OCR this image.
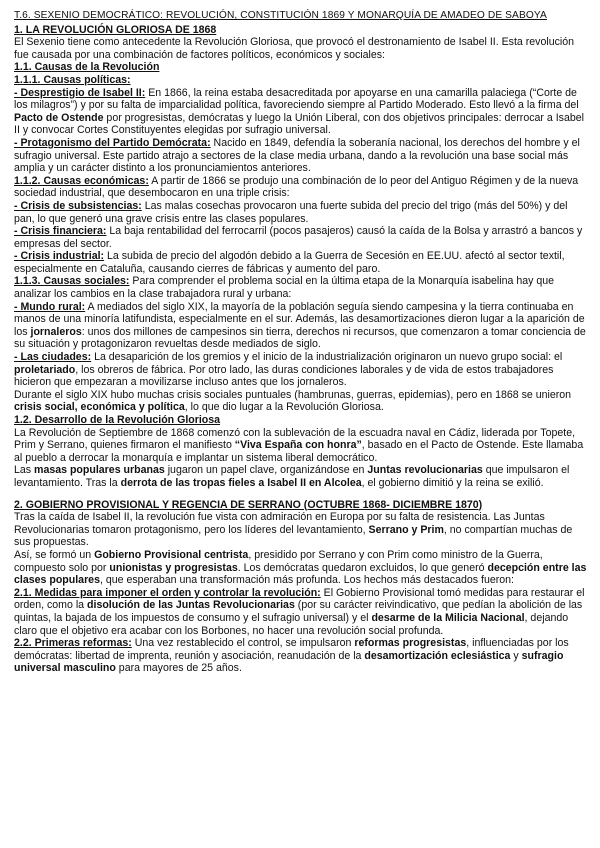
T.6. SEXENIO DEMOCRÁTICO: REVOLUCIÓN, CONSTITUCIÓN 1869 Y MONARQUÍA DE AMADEO DE SABOYA
1. LA REVOLUCIÓN GLORIOSA DE 1868

El Sexenio tiene como antecedente la Revolución Gloriosa, que provocó el destronamiento de Isabel II. Esta revolución fue causada por una combinación de factores políticos, económicos y sociales:

1.1. Causas de la Revolución
1.1.1. Causas políticas:

- Desprestigio de Isabel II: En 1866, la reina estaba desacreditada por apoyarse en una camarilla palaciega (“Corte de los milagros”) y por su falta de imparcialidad política, favoreciendo siempre al Partido Moderado. Esto llevó a la firma del Pacto de Ostende por progresistas, demócratas y luego la Unión Liberal, con dos objetivos principales: derrocar a Isabel II y convocar Cortes Constituyentes elegidas por sufragio universal.

- Protagonismo del Partido Demócrata: Nacido en 1849, defendía la soberanía nacional, los derechos del hombre y el sufragio universal. Este partido atrajo a sectores de la clase media urbana, dando a la revolución una base social más amplia y un carácter distinto a los pronunciamientos anteriores.

1.1.2. Causas económicas: A partir de 1866 se produjo una combinación de lo peor del Antiguo Régimen y de la nueva sociedad industrial, que desembocaron en una triple crisis:

- Crisis de subsistencias: Las malas cosechas provocaron una fuerte subida del precio del trigo (más del 50%) y del pan, lo que generó una grave crisis entre las clases populares.

- Crisis financiera: La baja rentabilidad del ferrocarril (pocos pasajeros) causó la caída de la Bolsa y arrastró a bancos y empresas del sector.

- Crisis industrial: La subida de precio del algodón debido a la Guerra de Secesión en EE.UU. afectó al sector textil, especialmente en Cataluña, causando cierres de fábricas y aumento del paro.

1.1.3. Causas sociales: Para comprender el problema social en la última etapa de la Monarquía isabelina hay que analizar los cambios en la clase trabajadora rural y urbana:

- Mundo rural: A mediados del siglo XIX, la mayoría de la población seguía siendo campesina y la tierra continuaba en manos de una minoría latifundista, especialmente en el sur. Además, las desamortizaciones dieron lugar a la aparición de los jornaleros: unos dos millones de campesinos sin tierra, derechos ni recursos, que comenzaron a tomar conciencia de su situación y protagonizaron revueltas desde mediados de siglo.

- Las ciudades: La desaparición de los gremios y el inicio de la industrialización originaron un nuevo grupo social: el proletariado, los obreros de fábrica. Por otro lado, las duras condiciones laborales y de vida de estos trabajadores hicieron que empezaran a movilizarse incluso antes que los jornaleros.

Durante el siglo XIX hubo muchas crisis sociales puntuales (hambrunas, guerras, epidemias), pero en 1868 se unieron crisis social, económica y política, lo que dio lugar a la Revolución Gloriosa.

1.2. Desarrollo de la Revolución Gloriosa

La Revolución de Septiembre de 1868 comenzó con la sublevación de la escuadra naval en Cádiz, liderada por Topete, Prim y Serrano, quienes firmaron el manifiesto “Viva España con honra”, basado en el Pacto de Ostende. Este llamaba al pueblo a derrocar la monarquía e implantar un sistema liberal democrático.

Las masas populares urbanas jugaron un papel clave, organizándose en Juntas revolucionarias que impulsaron el levantamiento. Tras la derrota de las tropas fieles a Isabel II en Alcolea, el gobierno dimitió y la reina se exilió.

2. GOBIERNO PROVISIONAL Y REGENCIA DE SERRANO (OCTUBRE 1868- DICIEMBRE 1870)

Tras la caída de Isabel II, la revolución fue vista con admiración en Europa por su falta de resistencia. Las Juntas Revolucionarias tomaron protagonismo, pero los líderes del levantamiento, Serrano y Prim, no compartían muchas de sus propuestas.

Así, se formó un Gobierno Provisional centrista, presidido por Serrano y con Prim como ministro de la Guerra, compuesto solo por unionistas y progresistas. Los demócratas quedaron excluidos, lo que generó decepción entre las clases populares, que esperaban una transformación más profunda. Los hechos más destacados fueron:

2.1. Medidas para imponer el orden y controlar la revolución: El Gobierno Provisional tomó medidas para restaurar el orden, como la disolución de las Juntas Revolucionarias (por su carácter reivindicativo, que pedían la abolición de las quintas, la bajada de los impuestos de consumo y el sufragio universal) y el desarme de la Milicia Nacional, dejando claro que el objetivo era acabar con los Borbones, no hacer una revolución social profunda.

2.2. Primeras reformas: Una vez restablecido el control, se impulsaron reformas progresistas, influenciadas por los demócratas: libertad de imprenta, reunión y asociación, reanudación de la desamortización eclesiástica y sufragio universal masculino para mayores de 25 años.
